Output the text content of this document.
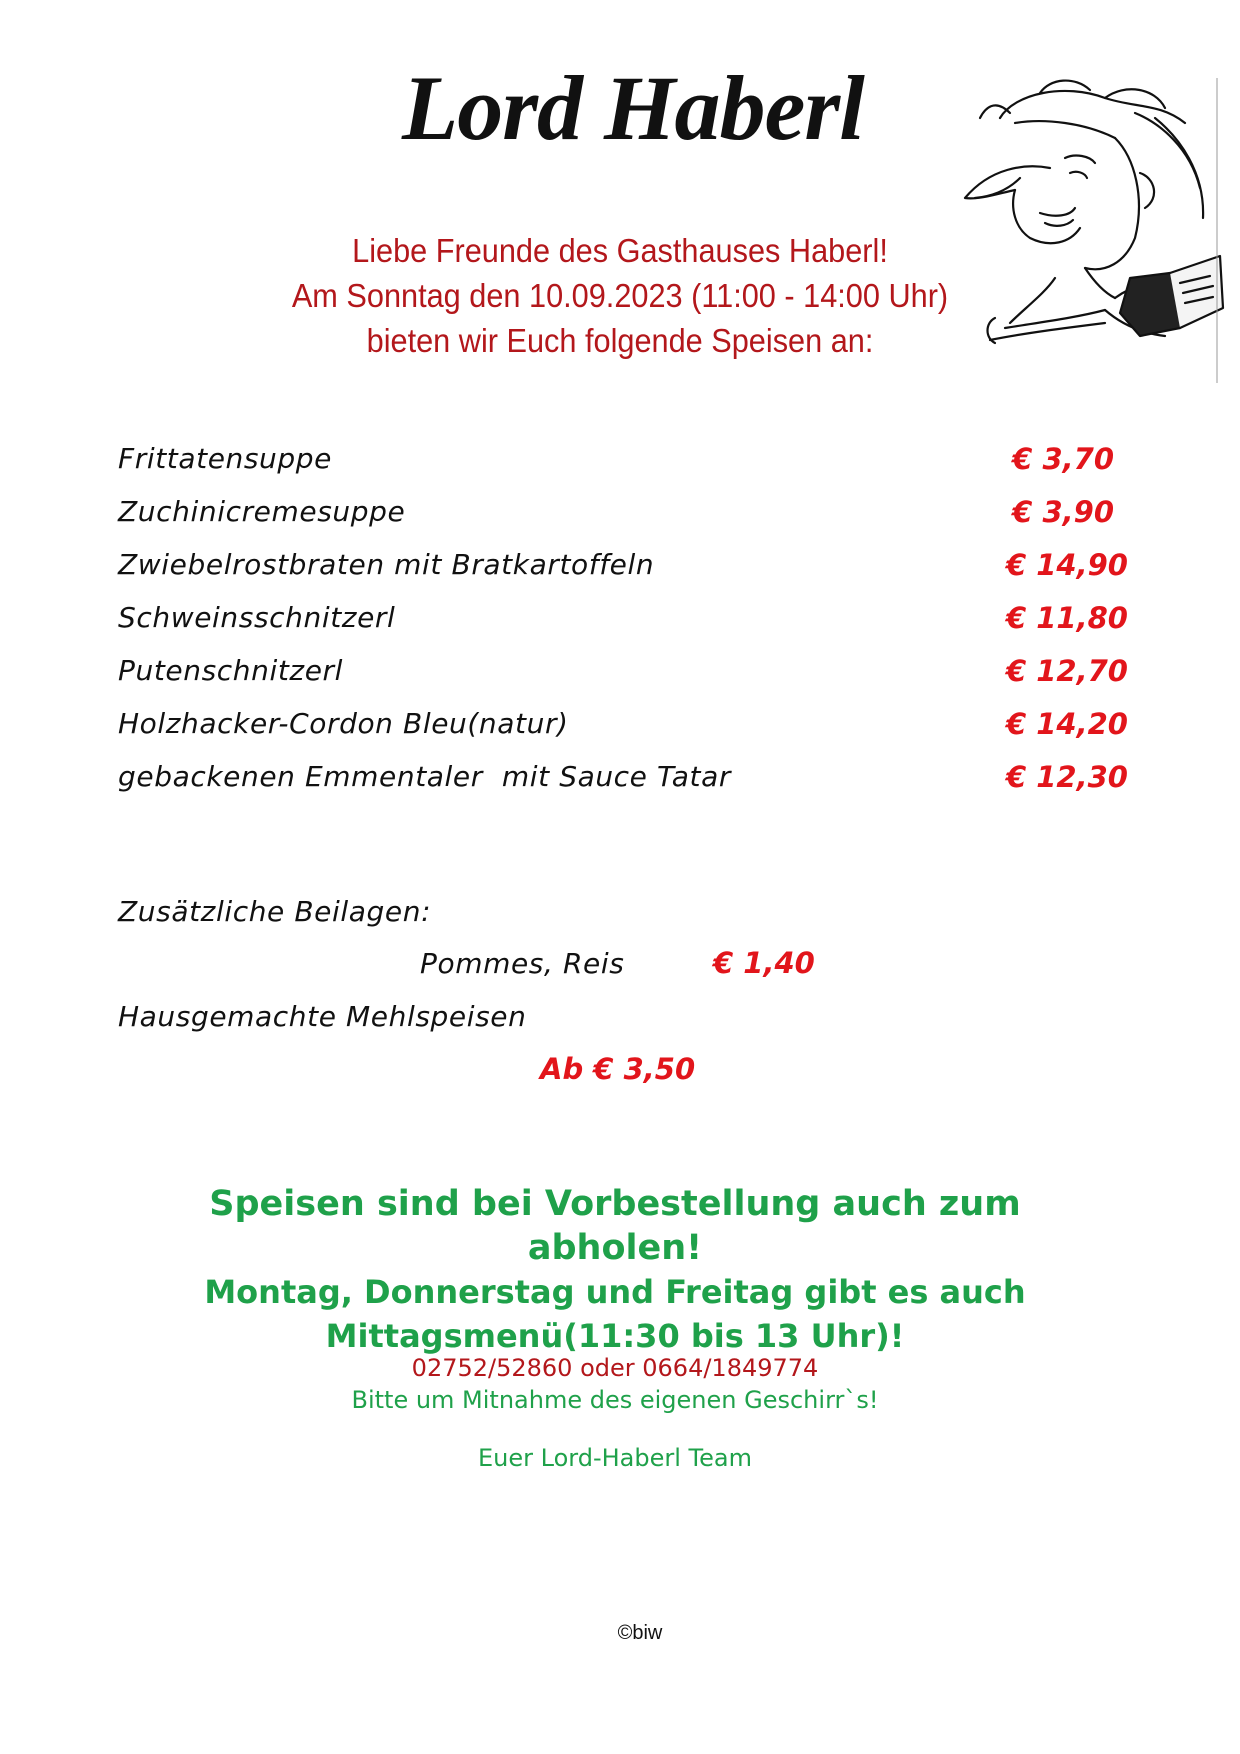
Lord Haberl
Liebe Freunde des Gasthauses Haberl!
Am Sonntag den 10.09.2023 (11:00 - 14:00 Uhr)
bieten wir Euch folgende Speisen an:
Frittatensuppe	€ 3,70
Zuchinicremesuppe	€ 3,90
Zwiebelrostbraten mit Bratkartoffeln	€ 14,90
Schweinsschnitzerl	€ 11,80
Putenschnitzerl	€ 12,70
Holzhacker-Cordon Bleu(natur)	€ 14,20
gebackenen Emmentaler  mit Sauce Tatar	€ 12,30
Zusätzliche Beilagen:
Pommes, Reis	€ 1,40
Hausgemachte Mehlspeisen
Ab € 3,50
Speisen sind bei Vorbestellung auch zum
abholen!
Montag, Donnerstag und Freitag gibt es auch
Mittagsmenü(11:30 bis 13 Uhr)!
02752/52860 oder 0664/1849774
Bitte um Mitnahme des eigenen Geschirr`s!
Euer Lord-Haberl Team
©biw
